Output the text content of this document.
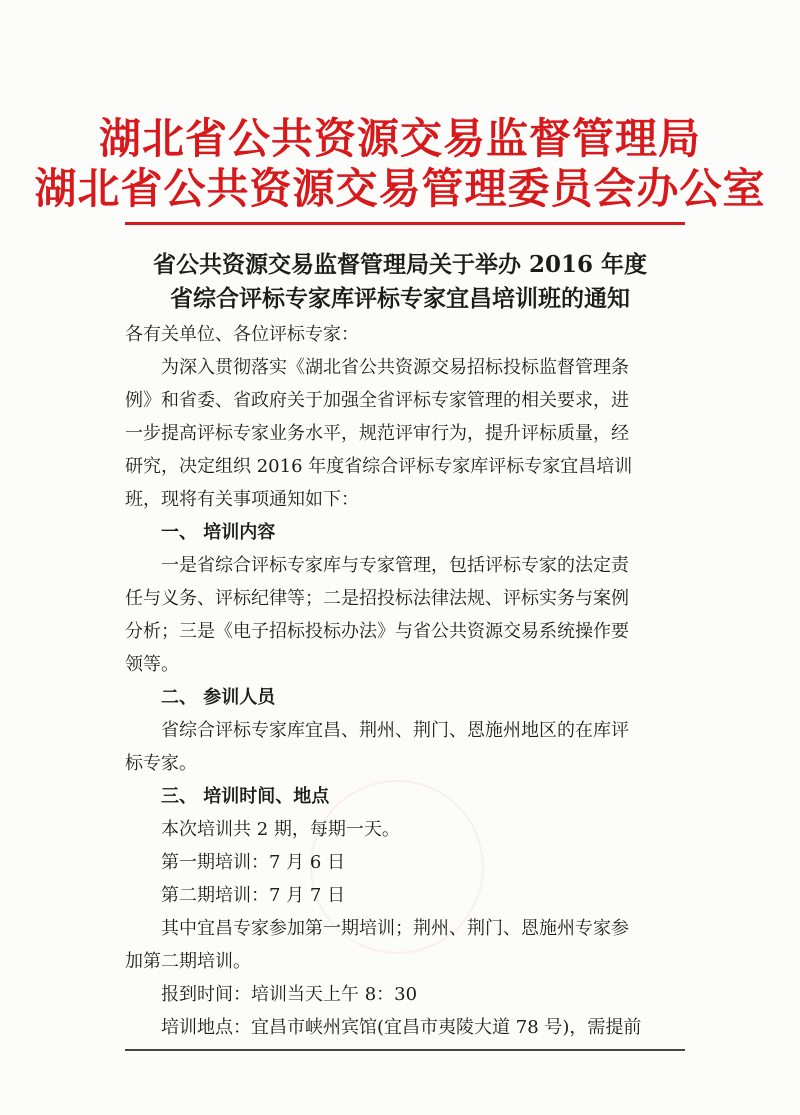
湖北省公共资源交易监督管理局
湖北省公共资源交易管理委员会办公室
省公共资源交易监督管理局关于举办 2016 年度
省综合评标专家库评标专家宜昌培训班的通知
各有关单位、各位评标专家：
为深入贯彻落实《湖北省公共资源交易招标投标监督管理条
例》和省委、省政府关于加强全省评标专家管理的相关要求，进
一步提高评标专家业务水平，规范评审行为，提升评标质量，经
研究，决定组织 2016 年度省综合评标专家库评标专家宜昌培训
班，现将有关事项通知如下：
一、 培训内容
一是省综合评标专家库与专家管理，包括评标专家的法定责
任与义务、评标纪律等；二是招投标法律法规、评标实务与案例
分析；三是《电子招标投标办法》与省公共资源交易系统操作要
领等。
二、 参训人员
省综合评标专家库宜昌、荆州、荆门、恩施州地区的在库评
标专家。
三、 培训时间、地点
本次培训共 2 期，每期一天。
第一期培训：7 月 6 日
第二期培训：7 月 7 日
其中宜昌专家参加第一期培训；荆州、荆门、恩施州专家参
加第二期培训。
报到时间：培训当天上午 8：30
培训地点：宜昌市峡州宾馆(宜昌市夷陵大道 78 号)，需提前
